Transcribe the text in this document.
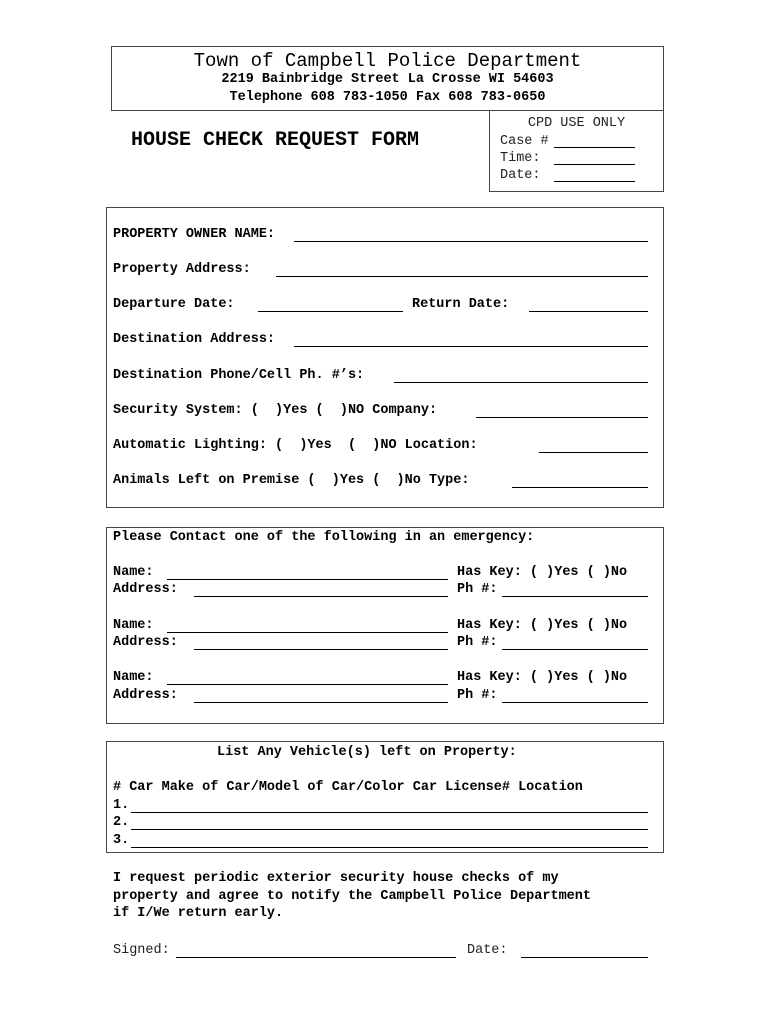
Town of Campbell Police Department
2219 Bainbridge Street La Crosse WI 54603
Telephone 608 783-1050 Fax 608 783-0650
HOUSE CHECK REQUEST FORM
CPD USE ONLY
Case #
Time:
Date:
PROPERTY OWNER NAME:
Property Address:
Departure Date:	Return Date:
Destination Address:
Destination Phone/Cell Ph. #’s:
Security System: (  )Yes (  )NO Company:
Automatic Lighting: (  )Yes  (  )NO Location:
Animals Left on Premise (  )Yes (  )No Type:
Please Contact one of the following in an emergency:
Name:	Has Key: ( )Yes ( )No
Address:	Ph #:
Name:	Has Key: ( )Yes ( )No
Address:	Ph #:
Name:	Has Key: ( )Yes ( )No
Address:	Ph #:
List Any Vehicle(s) left on Property:
# Car Make of Car/Model of Car/Color Car License# Location
1.
2.
3.
I request periodic exterior security house checks of my
property and agree to notify the Campbell Police Department
if I/We return early.
Signed:	Date:
